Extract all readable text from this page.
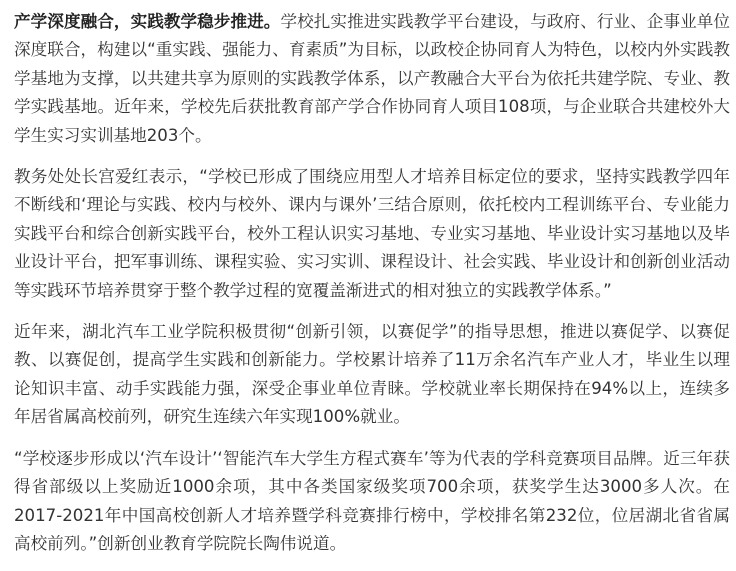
产学深度融合，实践教学稳步推进。学校扎实推进实践教学平台建设，与政府、行业、企事业单位深度联合，构建以“重实践、强能力、育素质”为目标，以政校企协同育人为特色，以校内外实践教学基地为支撑，以共建共享为原则的实践教学体系，以产教融合大平台为依托共建学院、专业、教学实践基地。近年来，学校先后获批教育部产学合作协同育人项目108项，与企业联合共建校外大学生实习实训基地203个。

教务处处长宫爱红表示，“学校已形成了围绕应用型人才培养目标定位的要求，坚持实践教学四年不断线和‘理论与实践、校内与校外、课内与课外’三结合原则，依托校内工程训练平台、专业能力实践平台和综合创新实践平台，校外工程认识实习基地、专业实习基地、毕业设计实习基地以及毕业设计平台，把军事训练、课程实验、实习实训、课程设计、社会实践、毕业设计和创新创业活动等实践环节培养贯穿于整个教学过程的宽覆盖渐进式的相对独立的实践教学体系。”

近年来，湖北汽车工业学院积极贯彻“创新引领，以赛促学”的指导思想，推进以赛促学、以赛促教、以赛促创，提高学生实践和创新能力。学校累计培养了11万余名汽车产业人才，毕业生以理论知识丰富、动手实践能力强，深受企事业单位青睐。学校就业率长期保持在94%以上，连续多年居省属高校前列，研究生连续六年实现100%就业。

“学校逐步形成以‘汽车设计’‘智能汽车大学生方程式赛车’等为代表的学科竞赛项目品牌。近三年获得省部级以上奖励近1000余项，其中各类国家级奖项700余项，获奖学生达3000多人次。在2017-2021年中国高校创新人才培养暨学科竞赛排行榜中，学校排名第232位，位居湖北省省属高校前列。”创新创业教育学院院长陶伟说道。
